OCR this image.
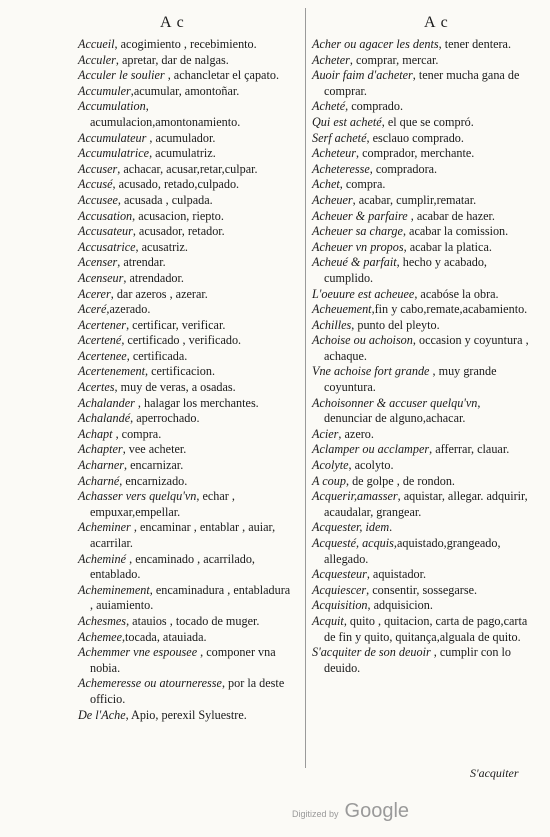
A c	A c

Accueil, acogimiento , recebimiento.

Acculer, apretar, dar de nalgas.

Acculer le soulier , achancletar el çapato.

Accumuler,acumular, amontoñar.

Accumulation, acumulacion,amontonamiento.

Accumulateur , acumulador.

Accumulatrice, acumulatriz.

Accuser, achacar, acusar,retar,culpar.

Accusé, acusado, retado,culpado.

Accusee, acusada , culpada.

Accusation, acusacion, riepto.

Accusateur, acusador, retador.

Accusatrice, acusatriz.

Acenser, atrendar.

Acenseur, atrendador.

Acerer, dar azeros , azerar.

Aceré,azerado.

Acertener, certificar, verificar.

Acertené, certificado , verificado.

Acertenee, certificada.

Acertenement, certificacion.

Acertes, muy de veras, a osadas.

Achalander , halagar los merchantes.

Achalandé, aperrochado.

Achapt , compra.

Achapter, vee acheter.

Acharner, encarnizar.

Acharné, encarnizado.

Achasser vers quelqu'vn, echar , empuxar,empellar.

Acheminer , encaminar , entablar , auiar, acarrilar.

Acheminé , encaminado , acarrilado, entablado.

Acheminement, encaminadura , entabladura , auiamiento.

Achesmes, atauios , tocado de muger.

Achemee,tocada, atauiada.

Achemmer vne espousee , componer vna nobia.

Achemeresse ou atourneresse, por la deste officio.

De l'Ache, Apio, perexil Syluestre.

Acher ou agacer les dents, tener dentera.

Acheter, comprar, mercar.

Auoir faim d'acheter, tener mucha gana de comprar.

Acheté, comprado.

Qui est acheté, el que se compró.

Serf acheté, esclauo comprado.

Acheteur, comprador, merchante.

Acheteresse, compradora.

Achet, compra.

Acheuer, acabar, cumplir,rematar.

Acheuer & parfaire , acabar de hazer.

Acheuer sa charge, acabar la comission.

Acheuer vn propos, acabar la platica.

Acheué & parfait, hecho y acabado, cumplido.

L'oeuure est acheuee, acabóse la obra.

Acheuement,fin y cabo,remate,acabamiento.

Achilles, punto del pleyto.

Achoise ou achoison, occasion y coyuntura , achaque.

Vne achoise fort grande , muy grande coyuntura.

Achoisonner & accuser quelqu'vn, denunciar de alguno,achacar.

Acier, azero.

Aclamper ou acclamper, afferrar, clauar.

Acolyte, acolyto.

A coup, de golpe , de rondon.

Acquerir,amasser, aquistar, allegar. adquirir, acaudalar, grangear.

Acquester, idem.

Acquesté, acquis,aquistado,grangeado, allegado.

Acquesteur, aquistador.

Acquiescer, consentir, sossegarse.

Acquisition, adquisicion.

Acquit, quito , quitacion, carta de pago,carta de fin y quito, quitança,alguala de quito.

S'acquiter de son deuoir , cumplir con lo deuido.

S'acquiter
Digitized by Google
